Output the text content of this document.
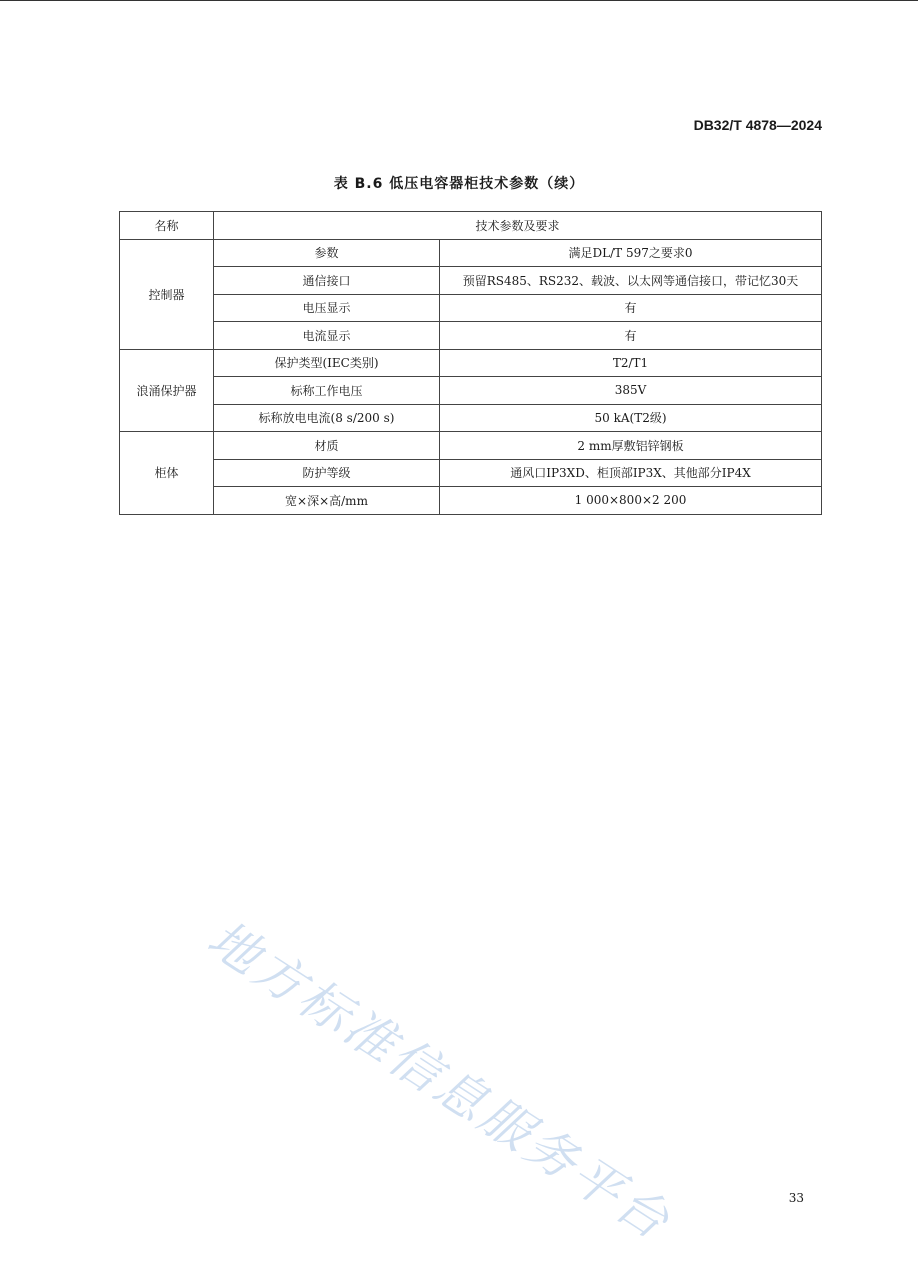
DB32/T 4878—2024
表 B.6 低压电容器柜技术参数（续）
名称	技术参数及要求	
控制器	参数	满足DL/T 597之要求0
	通信接口	预留RS485、RS232、载波、以太网等通信接口，带记忆30天
	电压显示	有
	电流显示	有
浪涌保护器	保护类型(IEC类别)	T2/T1
	标称工作电压	385V
	标称放电电流(8 s/200 s)	50 kA(T2级)
柜体	材质	2 mm厚敷铝锌钢板
	防护等级	通风口IP3XD、柜顶部IP3X、其他部分IP4X
	宽×深×高/mm	1 000×800×2 200
地方标准信息服务平台	33
